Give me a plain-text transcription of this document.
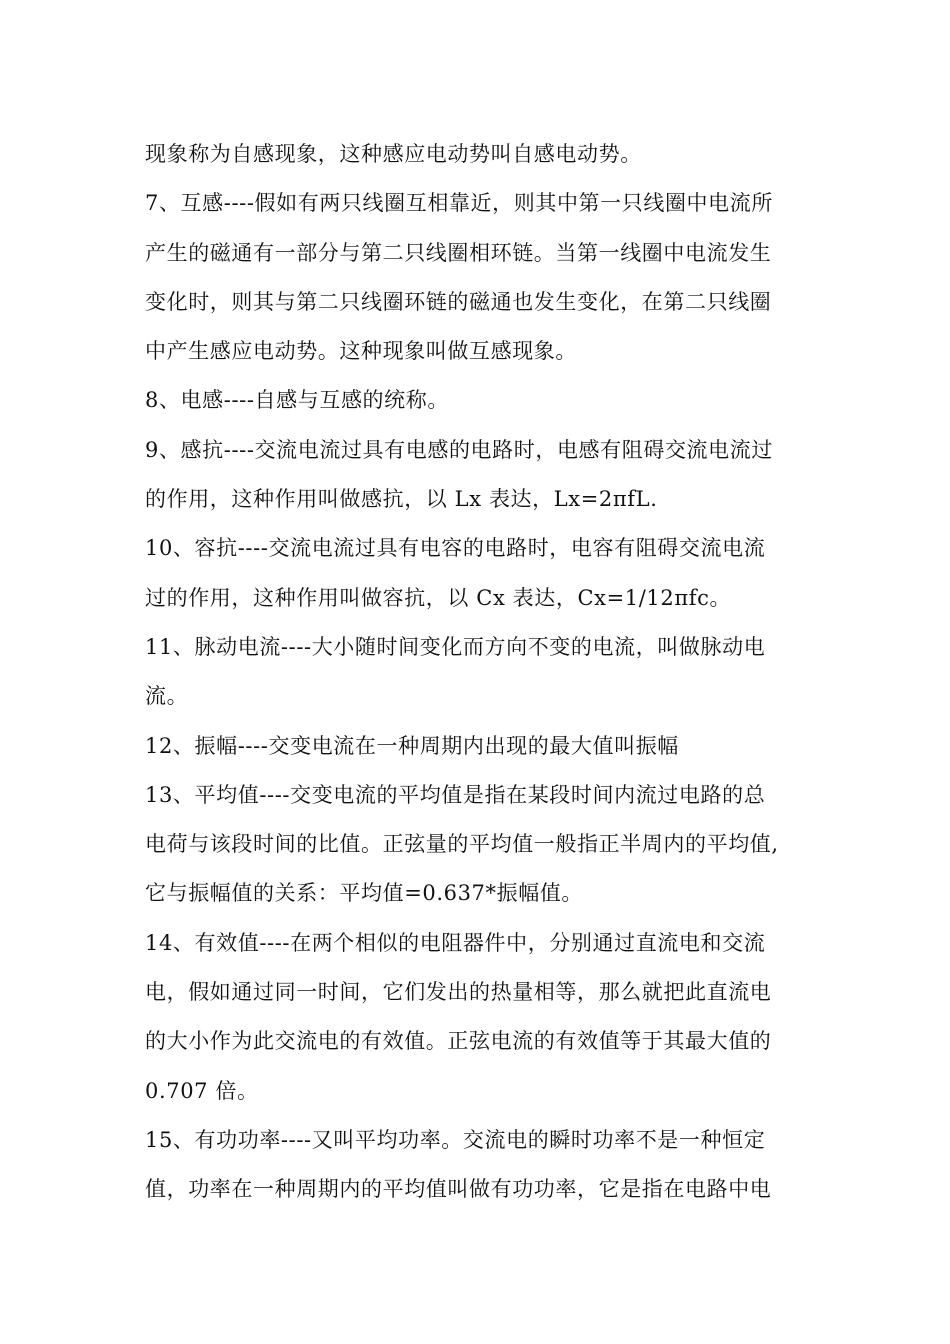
现象称为自感现象，这种感应电动势叫自感电动势。
7、互感----假如有两只线圈互相靠近，则其中第一只线圈中电流所
产生的磁通有一部分与第二只线圈相环链。当第一线圈中电流发生
变化时，则其与第二只线圈环链的磁通也发生变化，在第二只线圈
中产生感应电动势。这种现象叫做互感现象。
8、电感----自感与互感的统称。
9、感抗----交流电流过具有电感的电路时，电感有阻碍交流电流过
的作用，这种作用叫做感抗，以 Lx 表达，Lx=2πfL.
10、容抗----交流电流过具有电容的电路时，电容有阻碍交流电流
过的作用，这种作用叫做容抗，以 Cx 表达，Cx=1/12πfc。
11、脉动电流----大小随时间变化而方向不变的电流，叫做脉动电
流。
12、振幅----交变电流在一种周期内出现的最大值叫振幅
13、平均值----交变电流的平均值是指在某段时间内流过电路的总
电荷与该段时间的比值。正弦量的平均值一般指正半周内的平均值,
它与振幅值的关系：平均值=0.637*振幅值。
14、有效值----在两个相似的电阻器件中，分别通过直流电和交流
电，假如通过同一时间，它们发出的热量相等，那么就把此直流电
的大小作为此交流电的有效值。正弦电流的有效值等于其最大值的
0.707 倍。
15、有功功率----又叫平均功率。交流电的瞬时功率不是一种恒定
值，功率在一种周期内的平均值叫做有功功率，它是指在电路中电
